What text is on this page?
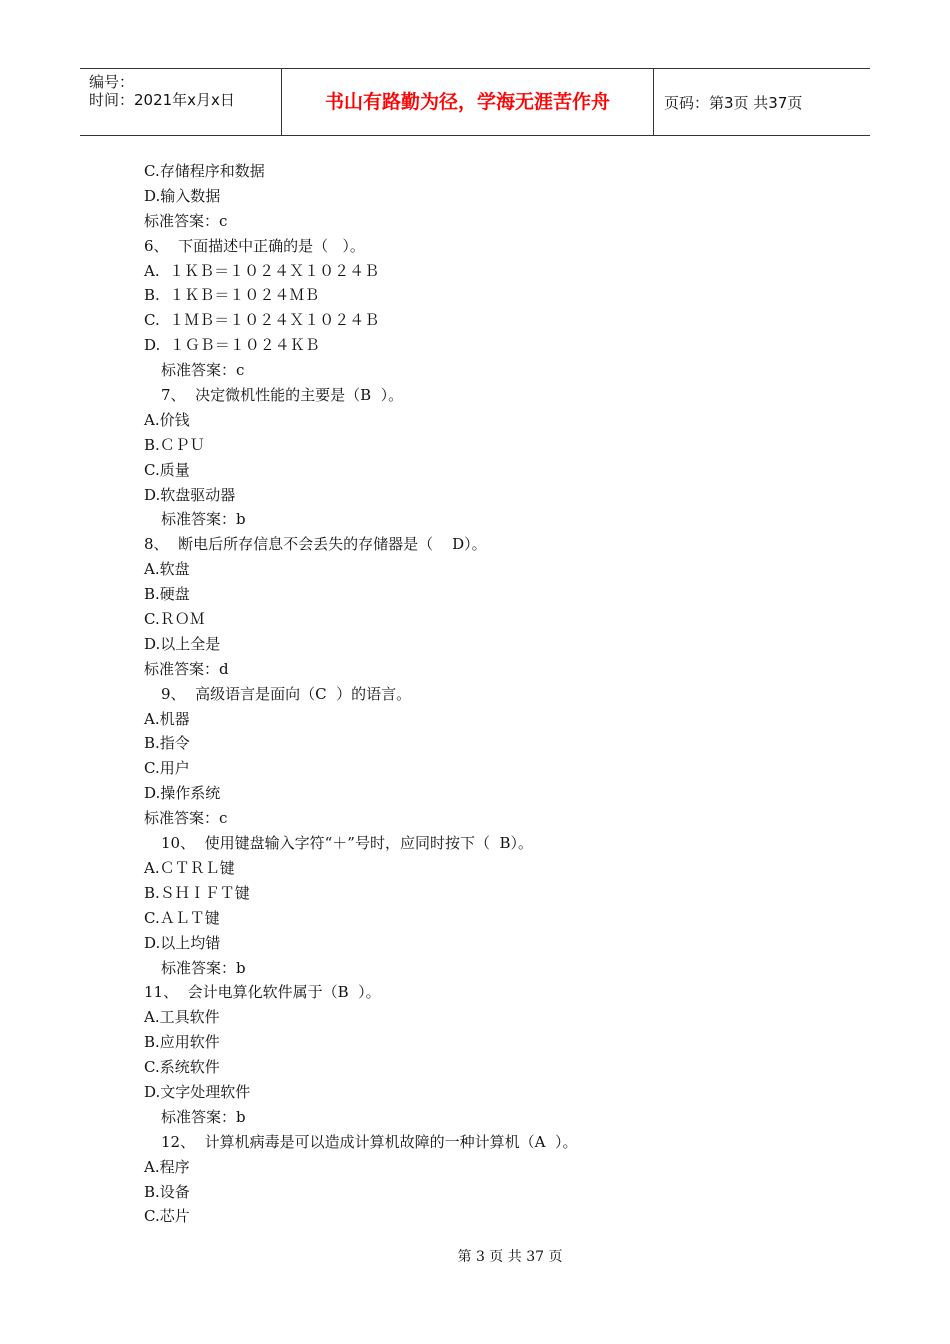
编号：
时间：2021年x月x日	书山有路勤为径，学海无涯苦作舟	页码：第3页 共37页
C.存储程序和数据
D.输入数据
标准答案：c
6、  下面描述中正确的是（   ）。
A.  １ＫＢ＝１０２４Ｘ１０２４Ｂ
B.  １ＫＢ＝１０２４ＭＢ
C.  １ＭＢ＝１０２４Ｘ１０２４Ｂ
D.  １ＧＢ＝１０２４ＫＢ
标准答案：c
7、  决定微机性能的主要是（B  ）。
A.价钱
B.ＣＰＵ
C.质量
D.软盘驱动器
标准答案：b
8、  断电后所存信息不会丢失的存储器是（    D）。
A.软盘
B.硬盘
C.ＲＯＭ
D.以上全是
标准答案：d
9、  高级语言是面向（C  ）的语言。
A.机器
B.指令
C.用户
D.操作系统
标准答案：c
10、  使用键盘输入字符“＋”号时，应同时按下（  B）。
A.ＣＴＲＬ键
B.ＳＨＩＦＴ键
C.ＡＬＴ键
D.以上均错
标准答案：b
11、  会计电算化软件属于（B  ）。
A.工具软件
B.应用软件
C.系统软件
D.文字处理软件
标准答案：b
12、  计算机病毒是可以造成计算机故障的一种计算机（A  ）。
A.程序
B.设备
C.芯片
第 3 页 共 37 页
